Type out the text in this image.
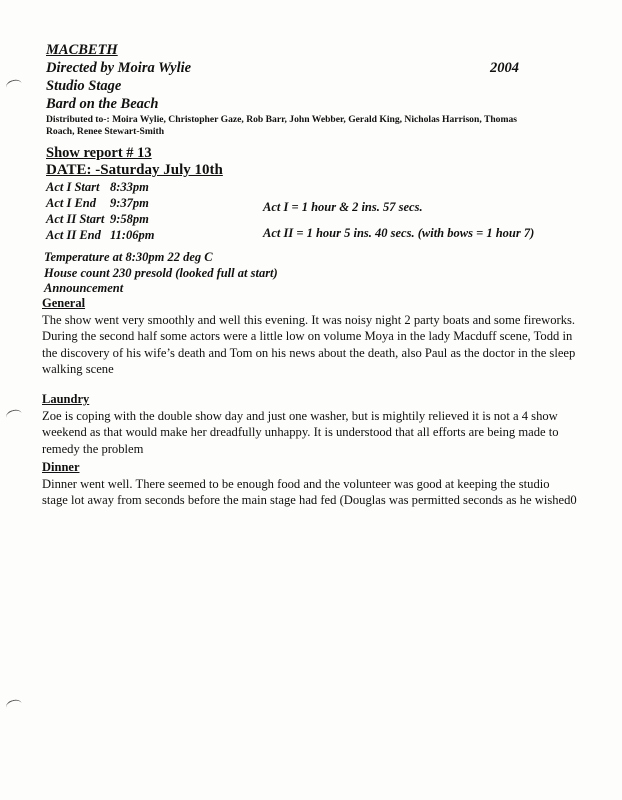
MACBETH
Directed by Moira Wylie	2004
Studio Stage
Bard on the Beach
Distributed to-: Moira Wylie, Christopher Gaze, Rob Barr, John Webber, Gerald King, Nicholas Harrison, Thomas
Roach, Renee Stewart-Smith
Show report # 13
DATE: -Saturday July 10th
Act I Start 8:33pm
Act I End 9:37pm
Act II Start 9:58pm
Act II End 11:06pm
Act I = 1 hour & 2 ins. 57 secs.
Act II = 1 hour 5 ins. 40 secs. (with bows = 1 hour 7)
Temperature at 8:30pm 22 deg C
House count 230 presold (looked full at start)
Announcement
General
The show went very smoothly and well this evening. It was noisy night 2 party boats and some fireworks.
During the second half some actors were a little low on volume Moya in the lady Macduff scene, Todd in
the discovery of his wife’s death and Tom on his news about the death, also Paul as the doctor in the sleep
walking scene
Laundry
Zoe is coping with the double show day and just one washer, but is mightily relieved it is not a 4 show
weekend as that would make her dreadfully unhappy. It is understood that all efforts are being made to
remedy the problem
Dinner
Dinner went well. There seemed to be enough food and the volunteer was good at keeping the studio
stage lot away from seconds before the main stage had fed (Douglas was permitted seconds as he wished0
